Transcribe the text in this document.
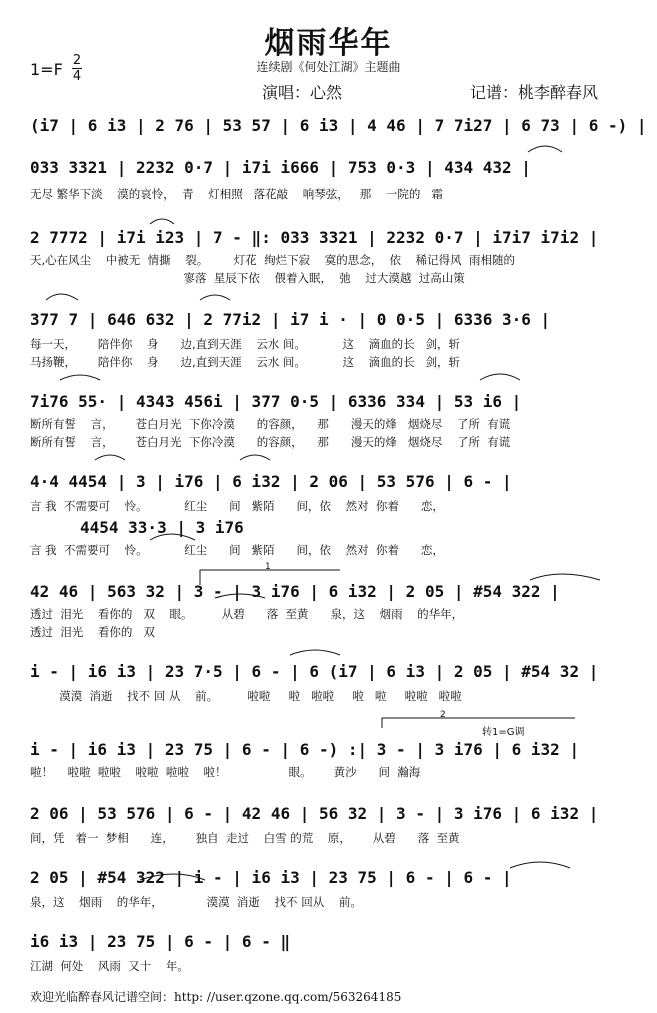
烟雨华年
连续剧《何处江湖》主题曲
1=F 2
4
演唱：心然	记谱：桃李醉春风
1
2
转1=G调
(i7 | 6 i3 | 2 76 | 53 57 | 6 i3 | 4 46 | 7 7i27 | 6 73 | 6 -) |
033 3321 | 2232 0·7 | i7i i666 | 753 0·3 | 434 432 |
无尽 繁华下淡    漠的哀怜，  青    灯相照   落花敲    响琴弦，   那    一院的   霜
2 7772 | i7i i23 | 7 - ‖: 033 3321 | 2232 0·7 | i7i7 i7i2 |
天,心在风尘    中被无  情撕    裂。       灯花  绚烂下寂    寞的思念，  依    稀记得风  雨相随的
寥落  星辰下依    偎着入眠，  弛    过大漠越  过高山策
377 7 | 646 632 | 2 77i2 | i7 i · | 0 0·5 | 6336 3·6 |
每一天，      陪伴你    身      边,直到天涯    云水 间。          这    滴血的长   剑，斩
马扬鞭，      陪伴你    身      边,直到天涯    云水 间。          这    滴血的长   剑，斩
7i76 55· | 4343 456i | 377 0·5 | 6336 334 | 53 i6 |
断所有誓    言，      苍白月光  下你冷漠      的容颜，    那      漫天的烽   烟烧尽    了所  有谎
断所有誓    言，      苍白月光  下你冷漠      的容颜，    那      漫天的烽   烟烧尽    了所  有谎
4·4 4454 | 3 | i76 | 6 i32 | 2 06 | 53 576 | 6 - |
言 我  不需要可    怜。          红尘      间   紫陌      间，依    然对  你着      恋，
4454 33·3 | 3 i76
言 我  不需要可    怜。          红尘      间   紫陌      间，依    然对  你着      恋，
42 46 | 563 32 | 3 - | 3 i76 | 6 i32 | 2 05 | #54 322 |
透过  泪光    看你的   双    眼。        从碧      落  至黄      泉，这    烟雨    的华年，
透过  泪光    看你的   双
i - | i6 i3 | 23 7·5 | 6 - | 6 (i7 | 6 i3 | 2 05 | #54 32 |
漠漠  消逝    找不 回 从    前。        啦啦     啦   啦啦     啦   啦     啦啦   啦啦
i - | i6 i3 | 23 75 | 6 - | 6 -) :| 3 - | 3 i76 | 6 i32 |
啦！    啦啦  啦啦    啦啦  啦啦    啦！                 眼。      黄沙      间  瀚海
2 06 | 53 576 | 6 - | 42 46 | 56 32 | 3 - | 3 i76 | 6 i32 |
间，凭   着一  梦相      连，      独自  走过    白雪 的荒    原，      从碧      落  至黄
2 05 | #54 322 | i - | i6 i3 | 23 75 | 6 - | 6 - |
泉，这    烟雨    的华年，            漠漠  消逝    找不 回从    前。
i6 i3 | 23 75 | 6 - | 6 - ‖
江湖  何处    风雨  又十    年。
欢迎光临醉春风记谱空间：http: //user.qzone.qq.com/563264185
